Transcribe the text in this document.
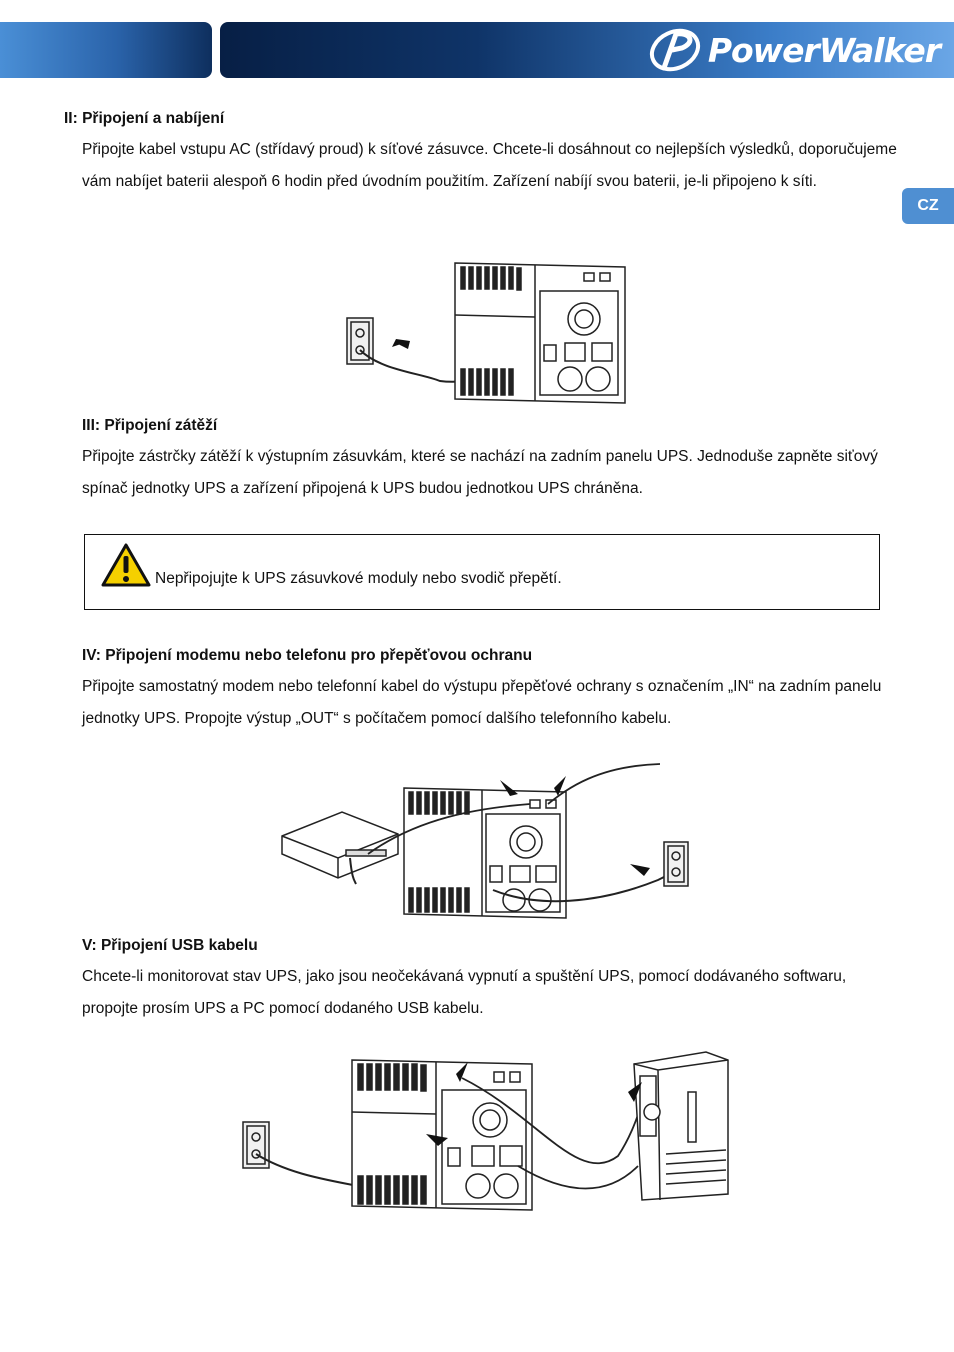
PowerWalker
CZ
II: Připojení a nabíjení

Připojte kabel vstupu AC (střídavý proud) k síťové zásuvce. Chcete-li dosáhnout co nejlepších výsledků, doporučujeme vám nabíjet baterii alespoň 6 hodin před úvodním použitím. Zařízení nabíjí svou baterii, je-li připojeno k síti.

III: Připojení zátěží

Připojte zástrčky zátěží k výstupním zásuvkám, které se nachází na zadním panelu UPS. Jednoduše zapněte siťový spínač jednotky UPS a zařízení připojená k UPS budou jednotkou UPS chráněna.

Nepřipojujte k UPS zásuvkové moduly nebo svodič přepětí.
IV: Připojení modemu nebo telefonu pro přepěťovou ochranu

Připojte samostatný modem nebo telefonní kabel do výstupu přepěťové ochrany s označením „IN“ na zadním panelu jednotky UPS. Propojte výstup „OUT“ s počítačem pomocí dalšího telefonního kabelu.

V: Připojení USB kabelu

Chcete-li monitorovat stav UPS, jako jsou neočekávaná vypnutí a spuštění UPS, pomocí dodávaného softwaru, propojte prosím UPS a PC pomocí dodaného USB kabelu.
